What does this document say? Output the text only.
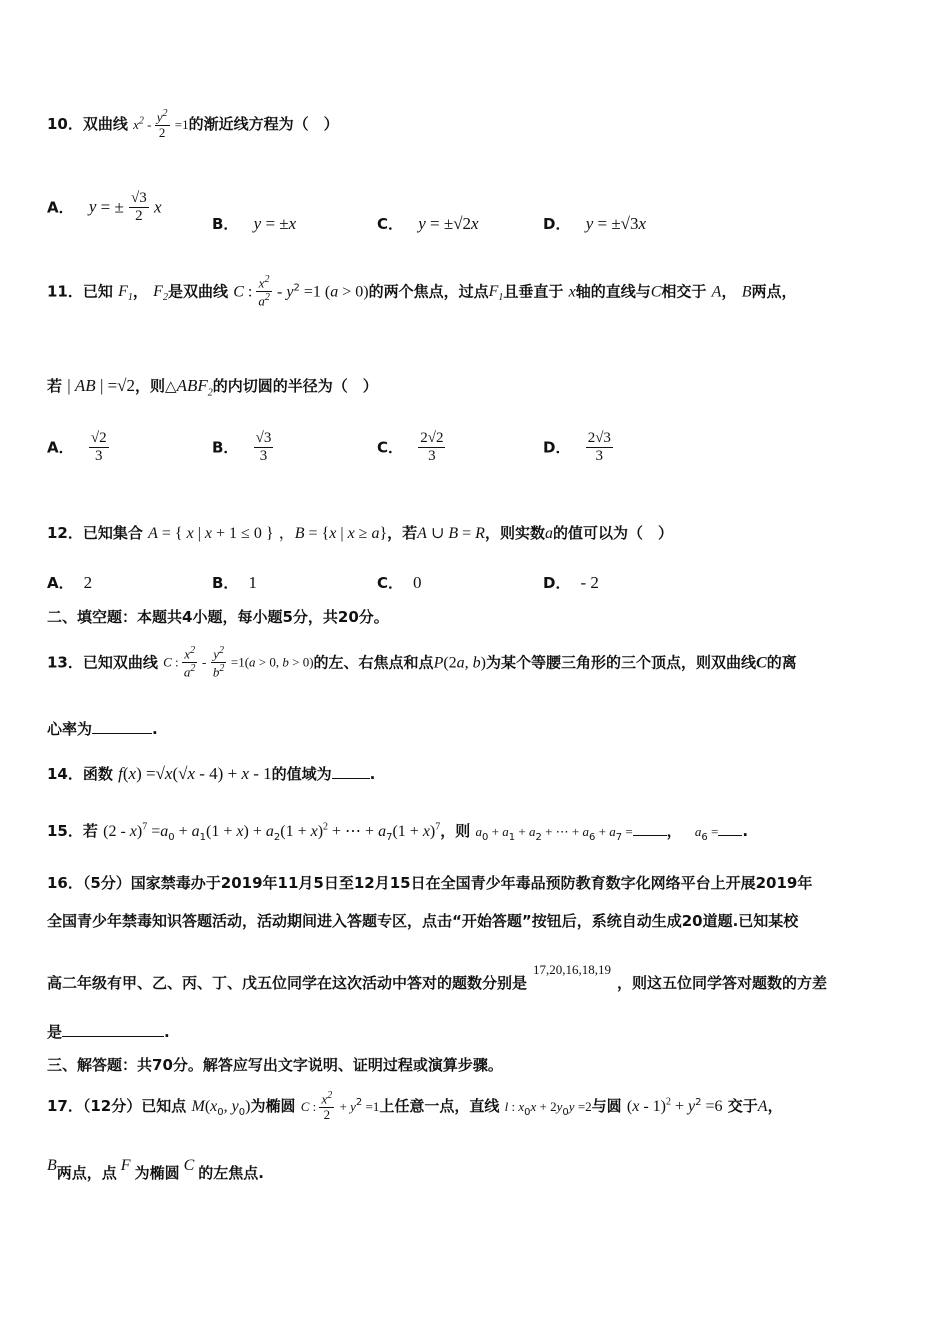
10．双曲线 $x^2 - \frac{y^2}{2} =1$的渐近线方程为（　）
A． y = ± $\frac{√3}{2}$ x
B． y = ±x	C． y = ±√2x	D． y = ±√3x
11．已知 $F_1$， $F_2$是双曲线 C : $\frac{x^2}{a^2} - y^2 =1$ (a > 0)的两个焦点，过点$F_1$且垂直于 x轴的直线与C相交于 A， B两点，
若 | AB | =√2，则$\triangle ABF_2$的内切圆的半径为（　）
A． $\frac{√2}{3}$	B． $\frac{√3}{3}$	C． $\frac{2√2}{3}$	D． $\frac{2√3}{3}$
12．已知集合 A = { x | x + 1 ≤ 0 } ，B = {x | x ≥ a}，若A ∪ B = R，则实数a的值可以为（　）
A． 2	B． 1	C． 0	D． - 2
二、填空题：本题共4小题，每小题5分，共20分。
13．已知双曲线 C : $\frac{x^2}{a^2} - \frac{y^2}{b^2} =1(a > 0$, b > 0)的左、右焦点和点P(2a, b)为某个等腰三角形的三个顶点，则双曲线C的离
心率为	.
14．函数 f(x) =√x(√x - 4) + x - 1的值域为	.
15．若 $(2 - x)^7 =a_0 + a_1(1 + x) + a_2(1 + x)^2$ + ⋯ + $a_7(1 + x)^7$，则 $a_0 + a_1 + a_2$ + ⋯ + $a_6 + a_7$ = ， $a_6$ = .
16．（5分）国家禁毒办于2019年11月5日至12月15日在全国青少年毒品预防教育数字化网络平台上开展2019年
全国青少年禁毒知识答题活动，活动期间进入答题专区，点击“开始答题”按钮后，系统自动生成20道题.已知某校
高二年级有甲、乙、丙、丁、戊五位同学在这次活动中答对的题数分别是17,20,16,18,19，则这五位同学答对题数的方差
是	.
三、解答题：共70分。解答应写出文字说明、证明过程或演算步骤。
17．（12分）已知点 $M(x_0$, $y_0$)为椭圆 C : $\frac{x^2}{2} + y^2 =1$上任意一点，直线 l : $x_0x + 2y_0y =2$与圆 $(x - 1)^2 + y^2 =6$ 交于A，
B两点，点 F 为椭圆 C 的左焦点.
